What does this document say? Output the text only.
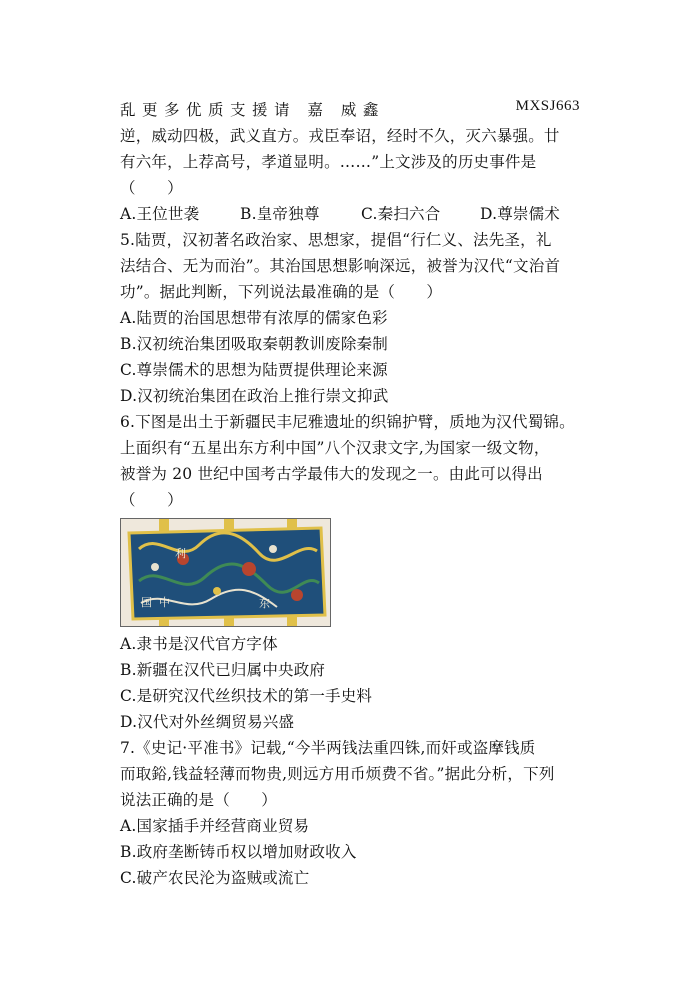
乱更多优质支援请 嘉 威鑫	MXSJ663
逆，威动四极，武义直方。戎臣奉诏，经时不久，灭六暴强。廿
有六年，上荐高号，孝道显明。……”上文涉及的历史事件是
（　　）
A.王位世袭	B.皇帝独尊	C.秦扫六合	D.尊崇儒术
5.陆贾，汉初著名政治家、思想家，提倡“行仁义、法先圣，礼
法结合、无为而治”。其治国思想影响深远，被誉为汉代“文治首
功”。据此判断，下列说法最准确的是（　　）
A.陆贾的治国思想带有浓厚的儒家色彩
B.汉初统治集团吸取秦朝教训废除秦制
C.尊崇儒术的思想为陆贾提供理论来源
D.汉初统治集团在政治上推行崇文抑武
6.下图是出土于新疆民丰尼雅遗址的织锦护臂，质地为汉代蜀锦。
上面织有“五星出东方利中国”八个汉隶文字,为国家一级文物，
被誉为 20 世纪中国考古学最伟大的发现之一。由此可以得出
（　　）
国 中
利
东
A.隶书是汉代官方字体
B.新疆在汉代已归属中央政府
C.是研究汉代丝织技术的第一手史料
D.汉代对外丝绸贸易兴盛
7.《史记·平准书》记载,“今半两钱法重四铢,而奸或盗摩钱质
而取鋊,钱益轻薄而物贵,则远方用币烦费不省。”据此分析，下列
说法正确的是（　　）
A.国家插手并经营商业贸易
B.政府垄断铸币权以增加财政收入
C.破产农民沦为盗贼或流亡
